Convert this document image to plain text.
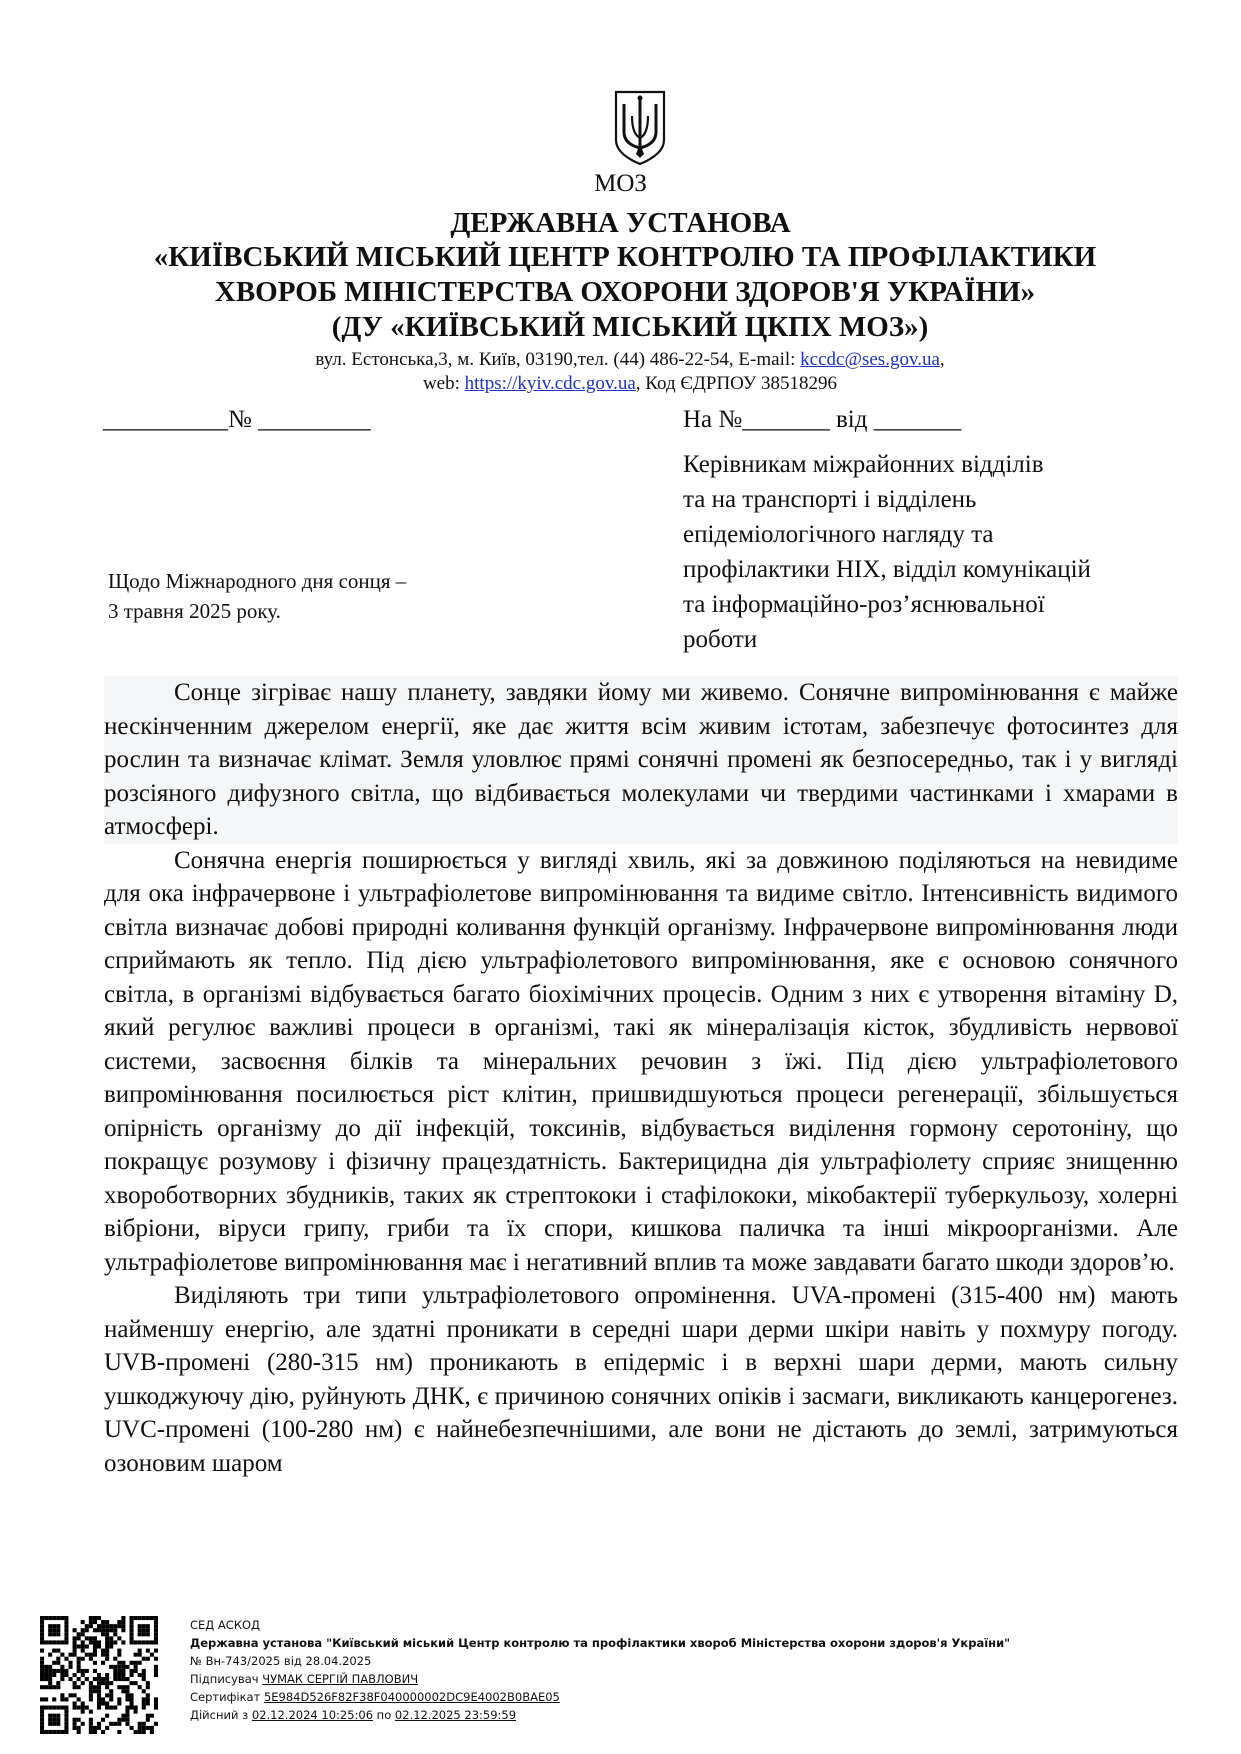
МОЗ
ДЕРЖАВНА УСТАНОВА
«КИЇВСЬКИЙ МІСЬКИЙ ЦЕНТР КОНТРОЛЮ ТА ПРОФІЛАКТИКИ
ХВОРОБ МІНІСТЕРСТВА ОХОРОНИ ЗДОРОВ'Я УКРАЇНИ»
(ДУ «КИЇВСЬКИЙ МІСЬКИЙ ЦКПХ МОЗ»)
вул. Естонська,3, м. Київ, 03190,тел. (44) 486-22-54, E-mail: kccdc@ses.gov.ua,
web: https://kyiv.cdc.gov.ua, Код ЄДРПОУ 38518296
__________№ _________	На №_______ від _______
Керівникам міжрайонних відділів
та на транспорті і відділень
епідеміологічного нагляду та
профілактики НІХ, відділ комунікацій
та інформаційно-роз’яснювальної
роботи
Щодо Міжнародного дня сонця –
3 травня 2025 року.

Сонце зігріває нашу планету, завдяки йому ми живемо. Сонячне випромінювання є майже нескінченним джерелом енергії, яке дає життя всім живим істотам, забезпечує фотосинтез для рослин та визначає клімат. Земля уловлює прямі сонячні промені як безпосередньо, так і у вигляді розсіяного дифузного світла, що відбивається молекулами чи твердими частинками і хмарами в атмосфері.

Сонячна енергія поширюється у вигляді хвиль, які за довжиною поділяються на невидиме для ока інфрачервоне і ультрафіолетове випромінювання та видиме світло. Інтенсивність видимого світла визначає добові природні коливання функцій організму. Інфрачервоне випромінювання люди сприймають як тепло. Під дією ультрафіолетового випромінювання, яке є основою сонячного світла, в організмі відбувається багато біохімічних процесів. Одним з них є утворення вітаміну D, який регулює важливі процеси в організмі, такі як мінералізація кісток, збудливість нервової системи, засвоєння білків та мінеральних речовин з їжі. Під дією ультрафіолетового випромінювання посилюється ріст клітин, пришвидшуються процеси регенерації, збільшується опірність організму до дії інфекцій, токсинів, відбувається виділення гормону серотоніну, що покращує розумову і фізичну працездатність. Бактерицидна дія ультрафіолету сприяє знищенню хвороботворних збудників, таких як стрептококи і стафілококи, мікобактерії туберкульозу, холерні вібріони, віруси грипу, гриби та їх спори, кишкова паличка та інші мікроорганізми. Але ультрафіолетове випромінювання має і негативний вплив та може завдавати багато шкоди здоров’ю.

Виділяють три типи ультрафіолетового опромінення. UVA-промені (315-400 нм) мають найменшу енергію, але здатні проникати в середні шари дерми шкіри навіть у похмуру погоду. UVB-промені (280-315 нм) проникають в епідерміс і в верхні шари дерми, мають сильну ушкоджуючу дію, руйнують ДНК, є причиною сонячних опіків і засмаги, викликають канцерогенез. UVC-промені (100-280 нм) є найнебезпечнішими, але вони не дістають до землі, затримуються озоновим шаром

СЕД АСКОД
Державна установа "Київський міський Центр контролю та профілактики хвороб Міністерства охорони здоров'я України"
№ Вн-743/2025 від 28.04.2025
Підписувач ЧУМАК СЕРГІЙ ПАВЛОВИЧ
Сертифікат 5E984D526F82F38F040000002DC9E4002B0BAE05
Дійсний з 02.12.2024 10:25:06 по 02.12.2025 23:59:59
